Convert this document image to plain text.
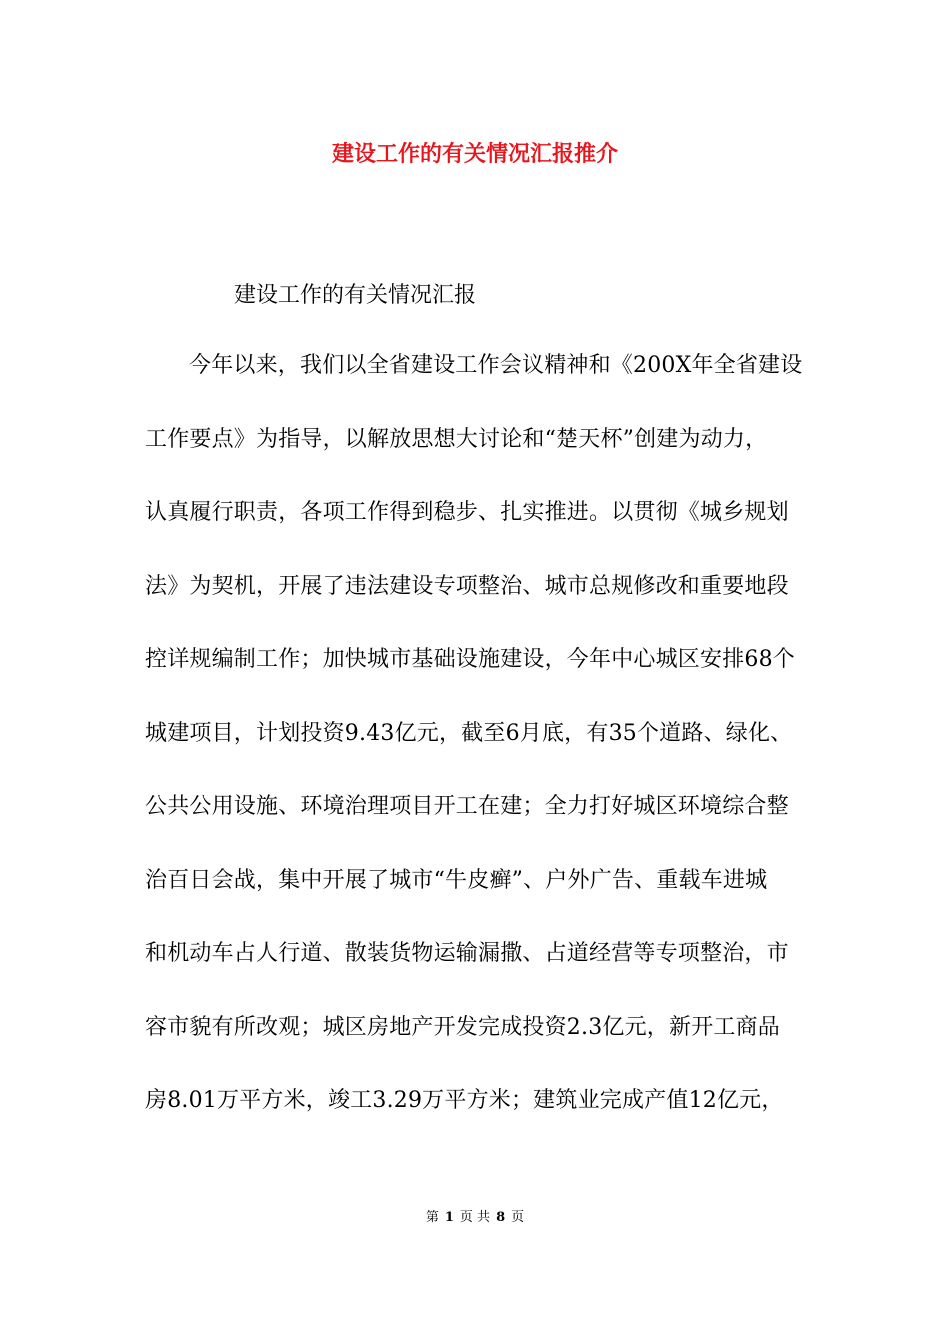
建设工作的有关情况汇报推介

建设工作的有关情况汇报

今年以来，我们以全省建设工作会议精神和《200X年全省建设
工作要点》为指导，以解放思想大讨论和“楚天杯”创建为动力，
认真履行职责，各项工作得到稳步、扎实推进。以贯彻《城乡规划
法》为契机，开展了违法建设专项整治、城市总规修改和重要地段
控详规编制工作；加快城市基础设施建设，今年中心城区安排68个
城建项目，计划投资9.43亿元，截至6月底，有35个道路、绿化、
公共公用设施、环境治理项目开工在建；全力打好城区环境综合整
治百日会战，集中开展了城市“牛皮癣”、户外广告、重载车进城
和机动车占人行道、散装货物运输漏撒、占道经营等专项整治，市
容市貌有所改观；城区房地产开发完成投资2.3亿元，新开工商品
房8.01万平方米，竣工3.29万平方米；建筑业完成产值12亿元，
第 1 页 共 8 页
